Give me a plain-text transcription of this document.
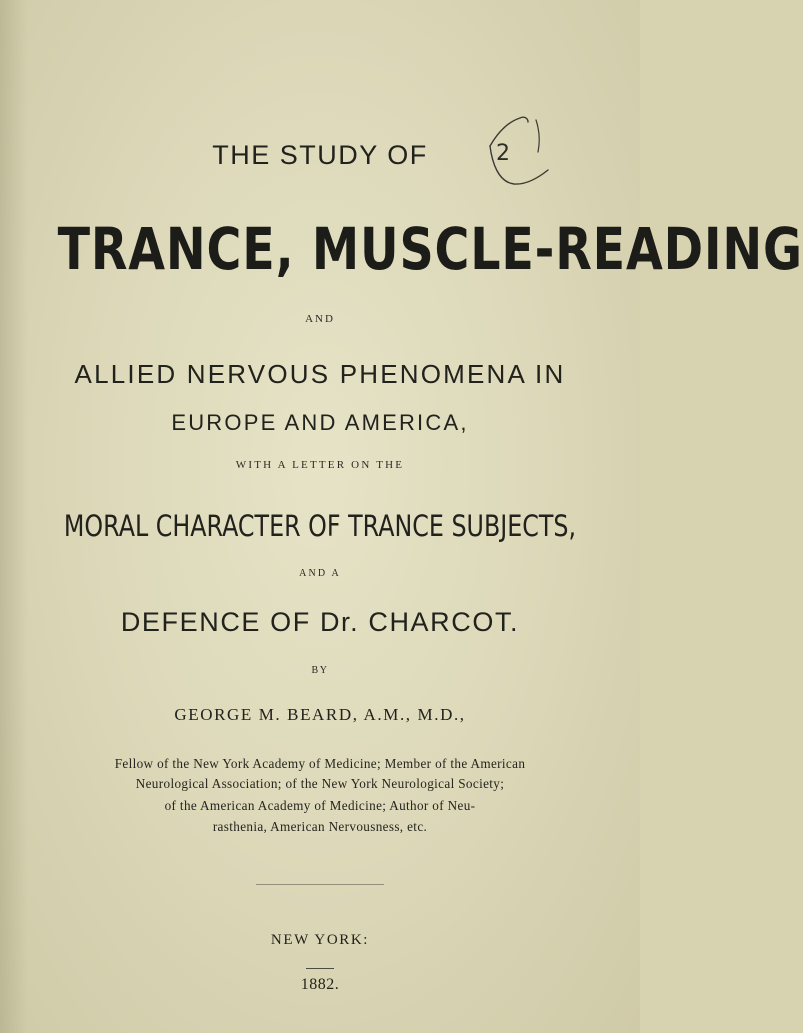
THE STUDY OF	2
TRANCE, MUSCLE-READING
AND
ALLIED NERVOUS PHENOMENA IN
EUROPE AND AMERICA,
WITH A LETTER ON THE
MORAL CHARACTER OF TRANCE SUBJECTS,
AND A
DEFENCE OF Dr. CHARCOT.
BY
GEORGE M. BEARD, A.M., M.D.,
Fellow of the New York Academy of Medicine; Member of the American
Neurological Association; of the New York Neurological Society;
of the American Academy of Medicine; Author of Neu-
rasthenia, American Nervousness, etc.
NEW YORK:
1882.
